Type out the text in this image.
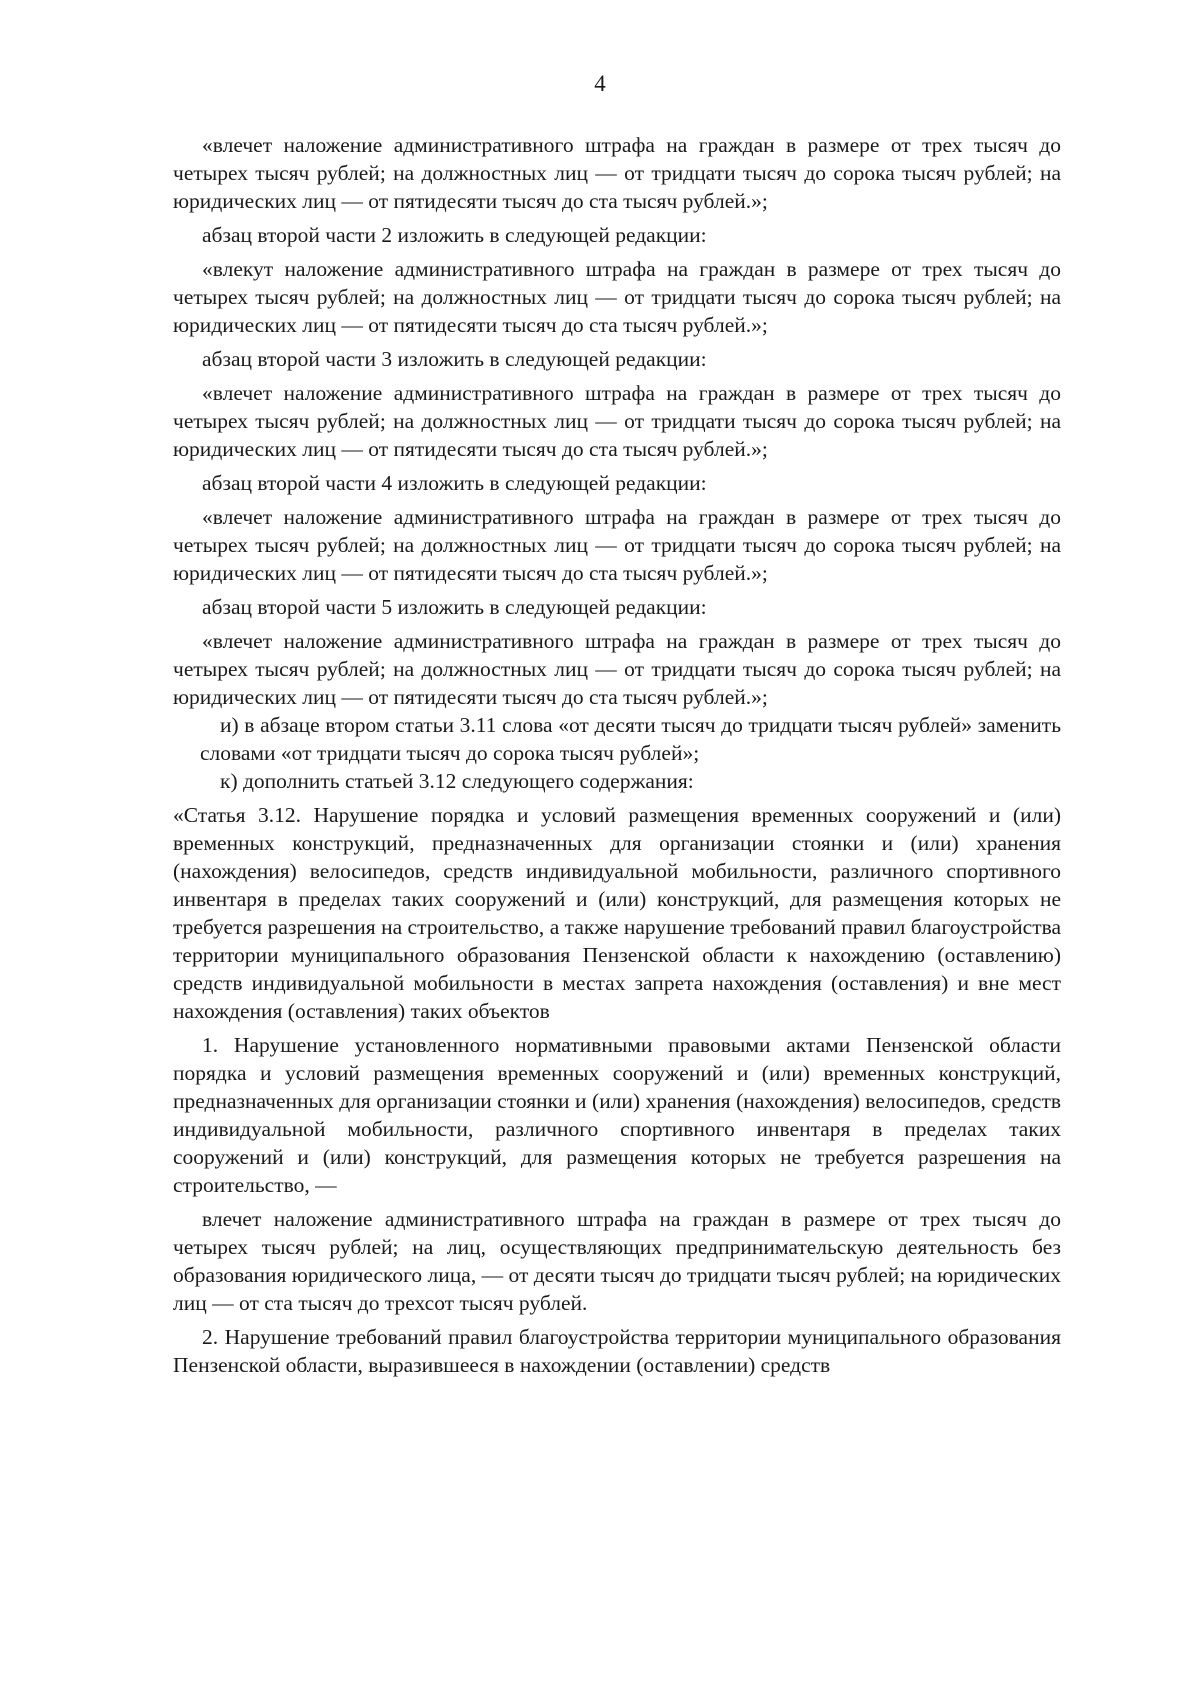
4

«влечет наложение административного штрафа на граждан в размере от трех тысяч до четырех тысяч рублей; на должностных лиц — от тридцати тысяч до сорока тысяч рублей; на юридических лиц — от пятидесяти тысяч до ста тысяч рублей.»;

абзац второй части 2 изложить в следующей редакции:

«влекут наложение административного штрафа на граждан в размере от трех тысяч до четырех тысяч рублей; на должностных лиц — от тридцати тысяч до сорока тысяч рублей; на юридических лиц — от пятидесяти тысяч до ста тысяч рублей.»;

абзац второй части 3 изложить в следующей редакции:

«влечет наложение административного штрафа на граждан в размере от трех тысяч до четырех тысяч рублей; на должностных лиц — от тридцати тысяч до сорока тысяч рублей; на юридических лиц — от пятидесяти тысяч до ста тысяч рублей.»;

абзац второй части 4 изложить в следующей редакции:

«влечет наложение административного штрафа на граждан в размере от трех тысяч до четырех тысяч рублей; на должностных лиц — от тридцати тысяч до сорока тысяч рублей; на юридических лиц — от пятидесяти тысяч до ста тысяч рублей.»;

абзац второй части 5 изложить в следующей редакции:

«влечет наложение административного штрафа на граждан в размере от трех тысяч до четырех тысяч рублей; на должностных лиц — от тридцати тысяч до сорока тысяч рублей; на юридических лиц — от пятидесяти тысяч до ста тысяч рублей.»;

и) в абзаце втором статьи 3.11 слова «от десяти тысяч до тридцати тысяч рублей» заменить словами «от тридцати тысяч до сорока тысяч рублей»;

к) дополнить статьей 3.12 следующего содержания:

«Статья 3.12. Нарушение порядка и условий размещения временных сооружений и (или) временных конструкций, предназначенных для организации стоянки и (или) хранения (нахождения) велосипедов, средств индивидуальной мобильности, различного спортивного инвентаря в пределах таких сооружений и (или) конструкций, для размещения которых не требуется разрешения на строительство, а также нарушение требований правил благоустройства территории муниципального образования Пензенской области к нахождению (оставлению) средств индивидуальной мобильности в местах запрета нахождения (оставления) и вне мест нахождения (оставления) таких объектов

1. Нарушение установленного нормативными правовыми актами Пензенской области порядка и условий размещения временных сооружений и (или) временных конструкций, предназначенных для организации стоянки и (или) хранения (нахождения) велосипедов, средств индивидуальной мобильности, различного спортивного инвентаря в пределах таких сооружений и (или) конструкций, для размещения которых не требуется разрешения на строительство, —

влечет наложение административного штрафа на граждан в размере от трех тысяч до четырех тысяч рублей; на лиц, осуществляющих предпринимательскую деятельность без образования юридического лица, — от десяти тысяч до тридцати тысяч рублей; на юридических лиц — от ста тысяч до трехсот тысяч рублей.

2. Нарушение требований правил благоустройства территории муниципального образования Пензенской области, выразившееся в нахождении (оставлении) средств
